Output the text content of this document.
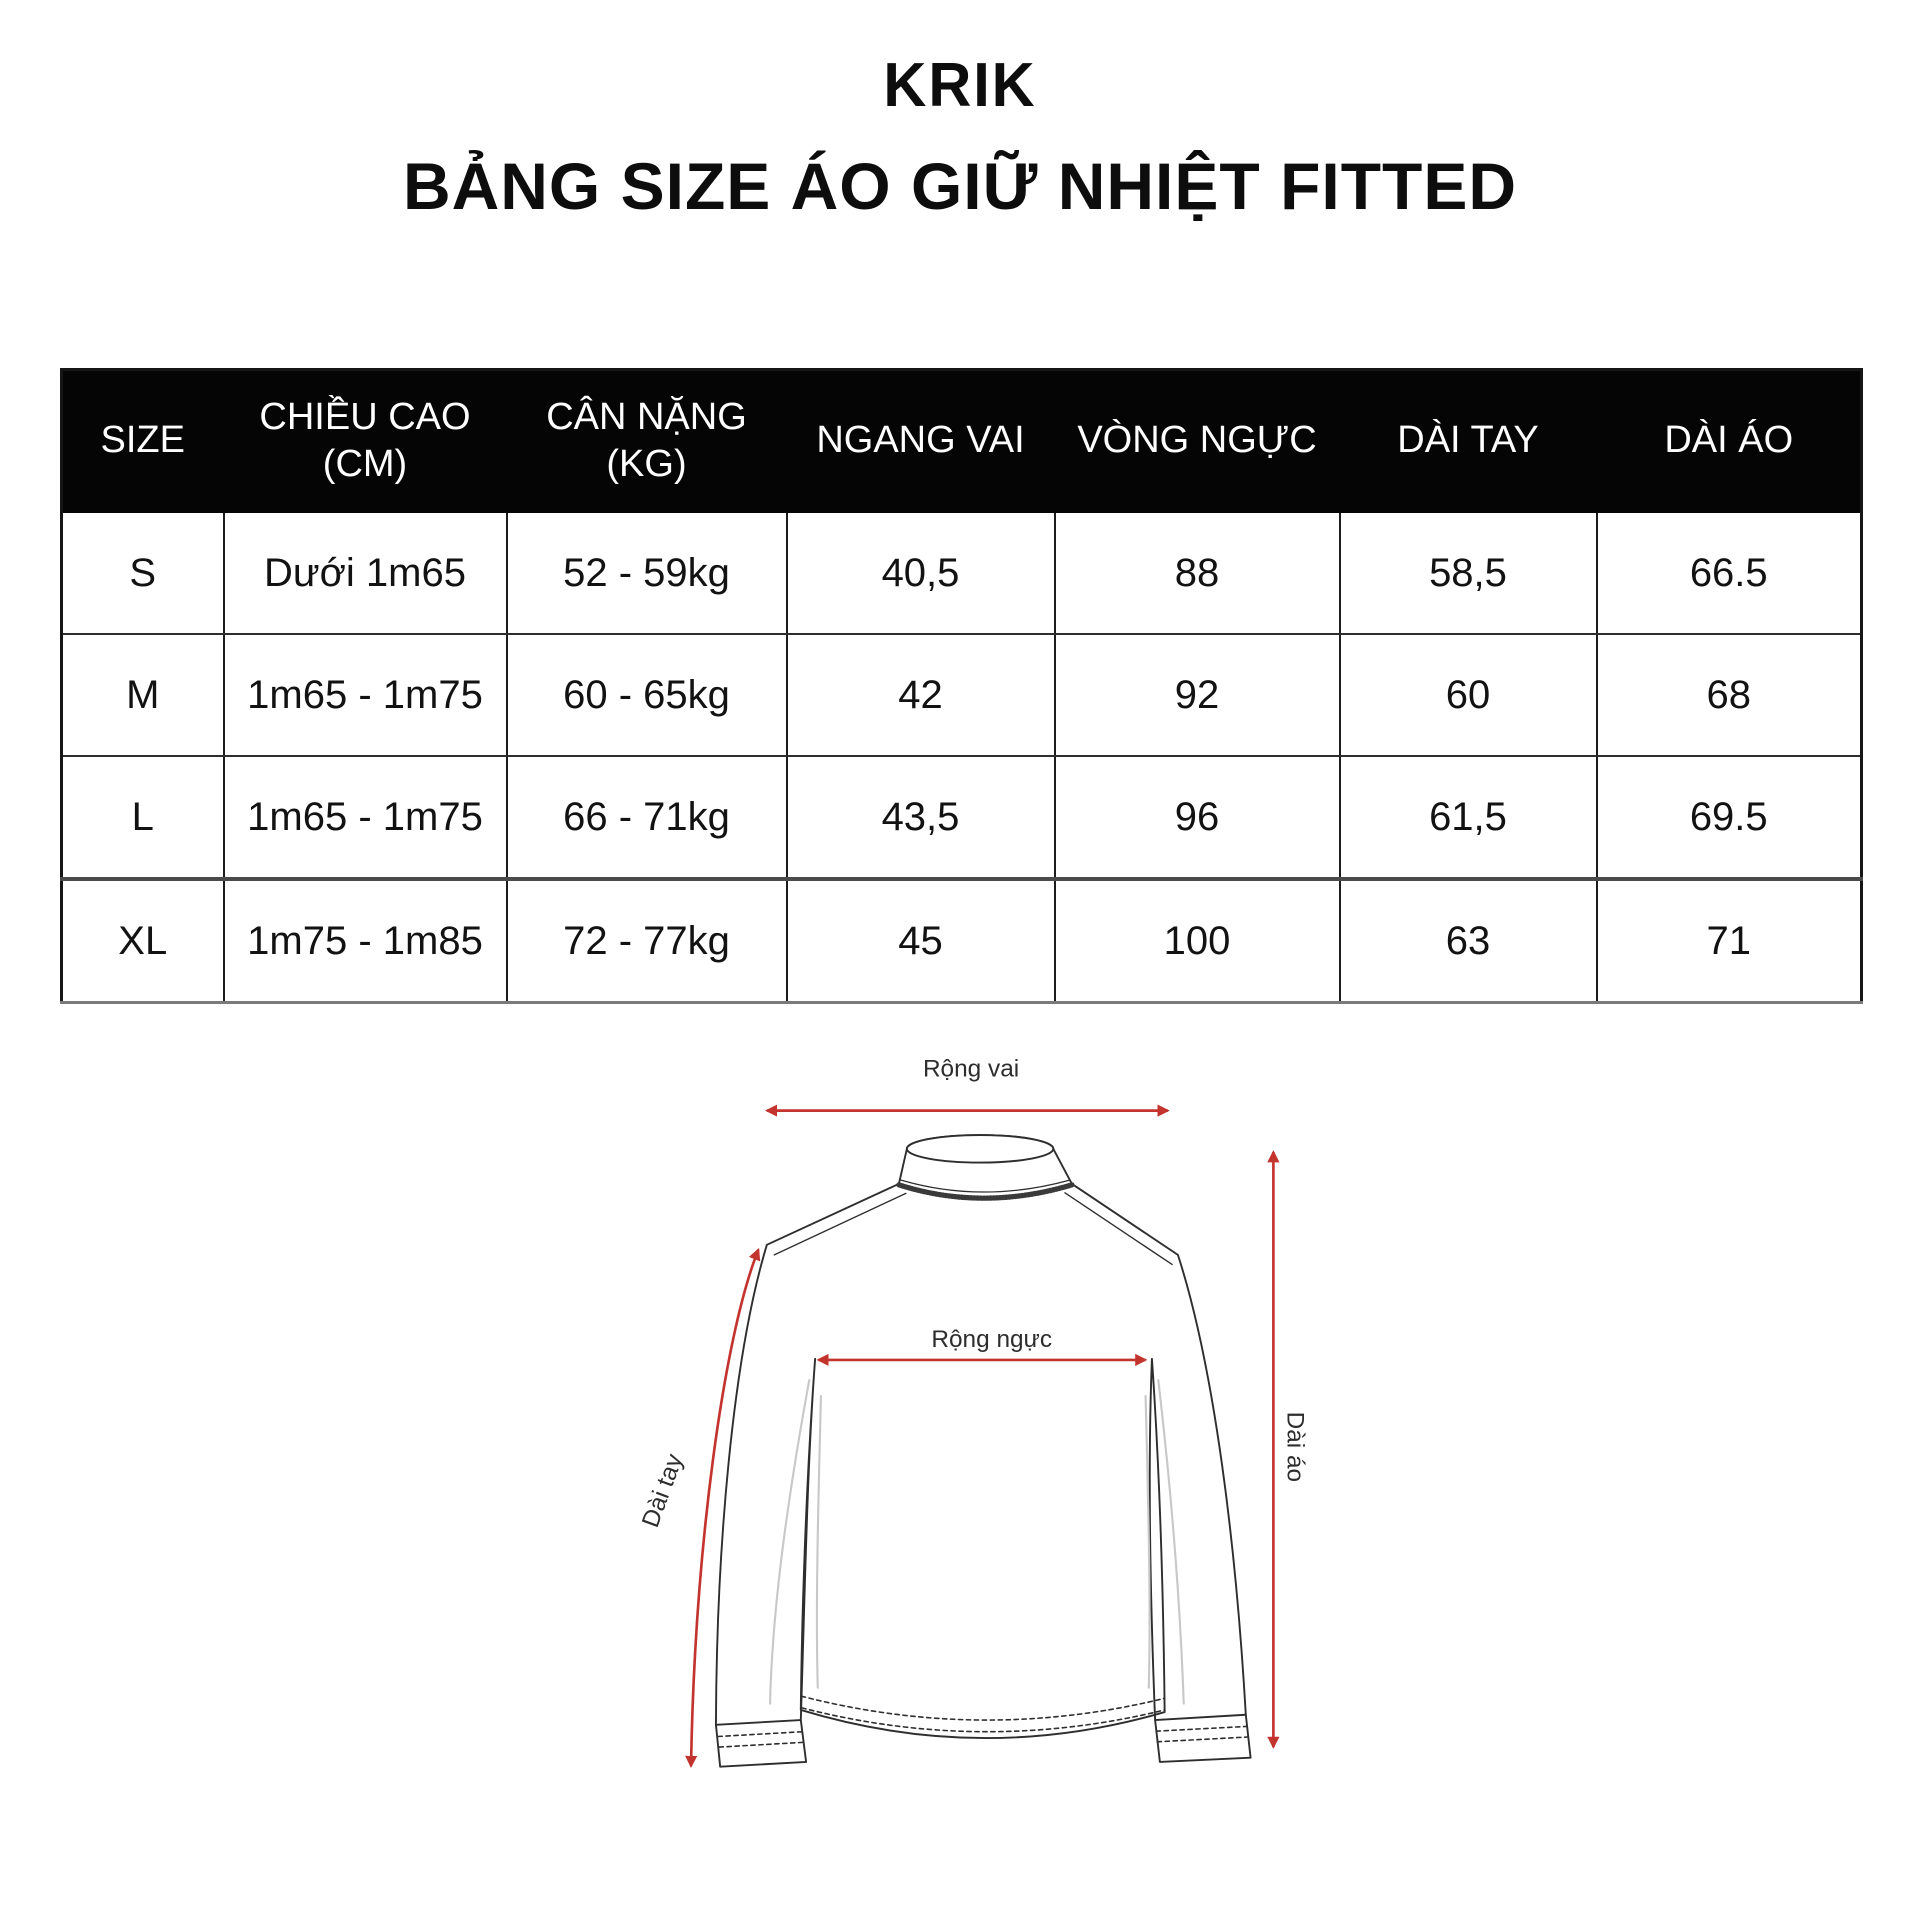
KRIK
BẢNG SIZE ÁO GIỮ NHIỆT FITTED
SIZE	CHIỀU CAO (CM)	CÂN NẶNG (KG)	NGANG VAI	VÒNG NGỰC	DÀI TAY	DÀI ÁO
S	Dưới 1m65	52 - 59kg	40,5	88	58,5	66.5
M	1m65 - 1m75	60 - 65kg	42	92	60	68
L	1m65 - 1m75	66 - 71kg	43,5	96	61,5	69.5
XL	1m75 - 1m85	72 - 77kg	45	100	63	71
Rộng vai
Rộng ngực
Dài tay
Dài áo
